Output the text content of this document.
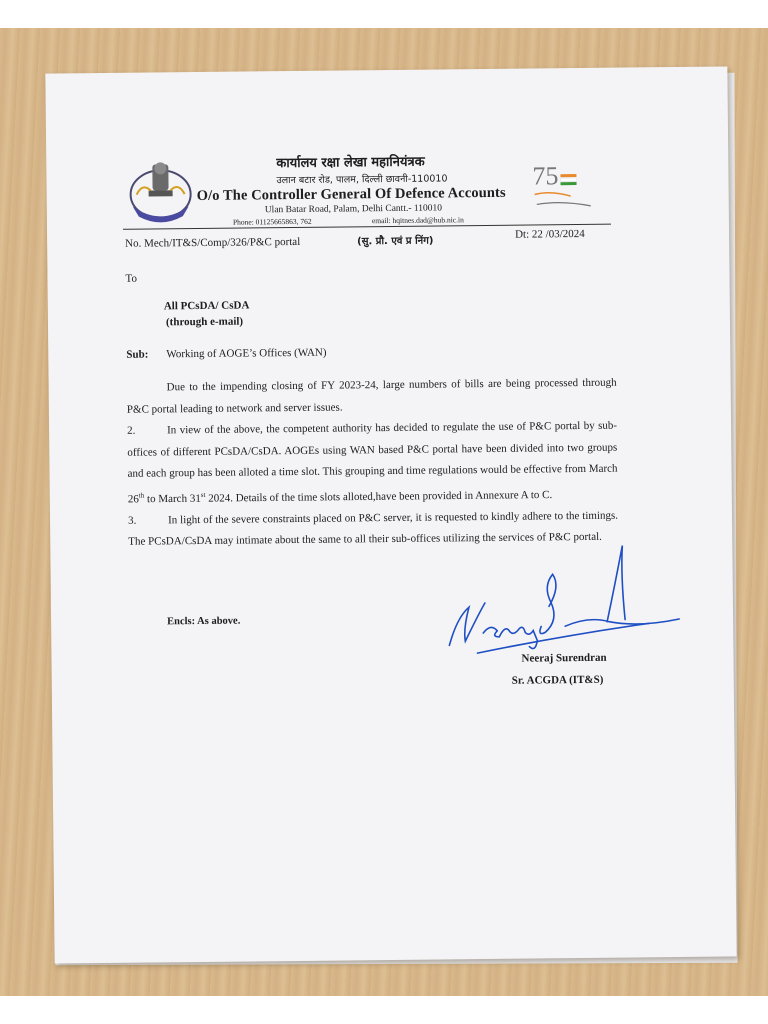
कार्यालय रक्षा लेखा महानियंत्रक
उलान बटार रोड, पालम, दिल्ली छावनी-110010
O/o The Controller General Of Defence Accounts
Ulan Batar Road, Palam, Delhi Cantt.- 110010
Phone: 01125665863, 762	email: hqitnes.dad@hub.nic.in
75
No. Mech/IT&S/Comp/326/P&C portal	(सु. प्रौ. एवं प्र निंग)
Dt: 22 /03/2024
To
All PCsDA/ CsDA
(through e-mail)
Sub: Working of AOGE’s Offices (WAN)

Due to the impending closing of FY 2023-24, large numbers of bills are being processed through P&C portal leading to network and server issues.

2.	In view of the above, the competent authority has decided to regulate the use of P&C portal by sub-offices of different PCsDA/CsDA. AOGEs using WAN based P&C portal have been divided into two groups and each group has been alloted a time slot. This grouping and time regulations would be effective from March 26th to March 31st 2024. Details of the time slots alloted,have been provided in Annexure A to C.

3.	In light of the severe constraints placed on P&C server, it is requested to kindly adhere to the timings. The PCsDA/CsDA may intimate about the same to all their sub-offices utilizing the services of P&C portal.

Encls: As above.
Neeraj Surendran
Sr. ACGDA (IT&S)
